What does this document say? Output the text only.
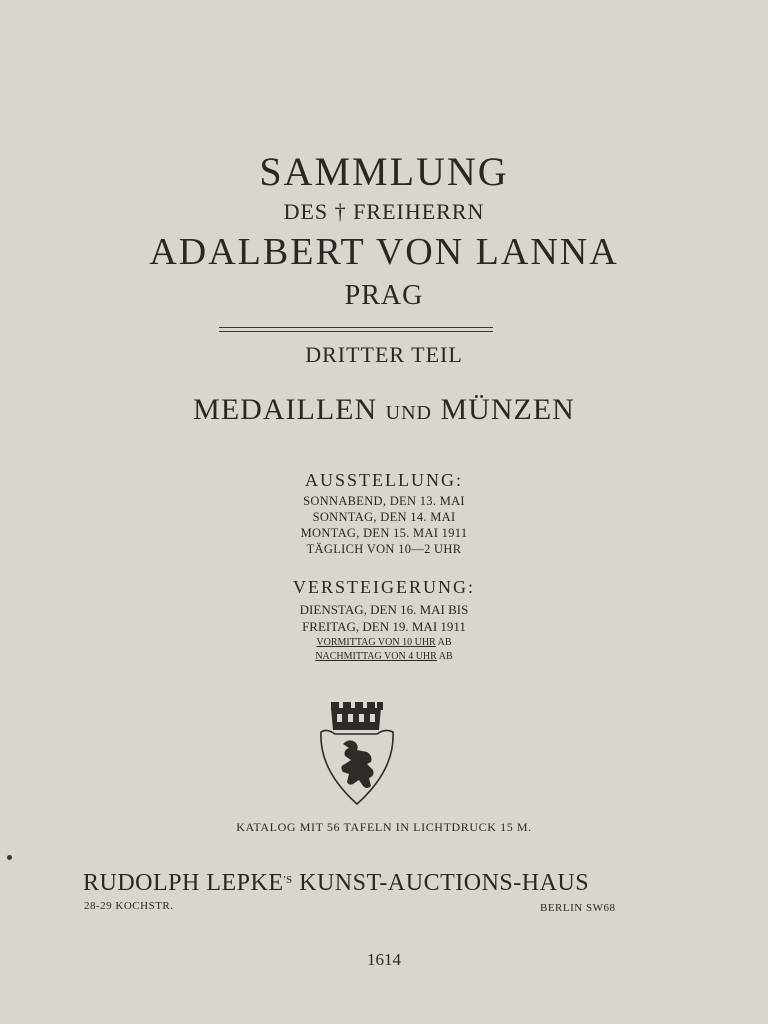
SAMMLUNG
DES † FREIHERRN
ADALBERT VON LANNA
PRAG
DRITTER TEIL
MEDAILLEN UND MÜNZEN
AUSSTELLUNG:
SONNABEND, DEN 13. MAI
SONNTAG, DEN 14. MAI
MONTAG, DEN 15. MAI 1911
TÄGLICH VON 10—2 UHR
VERSTEIGERUNG:
DIENSTAG, DEN 16. MAI BIS
FREITAG, DEN 19. MAI 1911
VORMITTAG VON 10 UHR AB
NACHMITTAG VON 4 UHR AB
KATALOG MIT 56 TAFELN IN LICHTDRUCK 15 M.
RUDOLPH $LEPKE^{'S}$ KUNST-AUCTIONS-HAUS
28-29 KOCHSTR.	BERLIN SW68
1614
